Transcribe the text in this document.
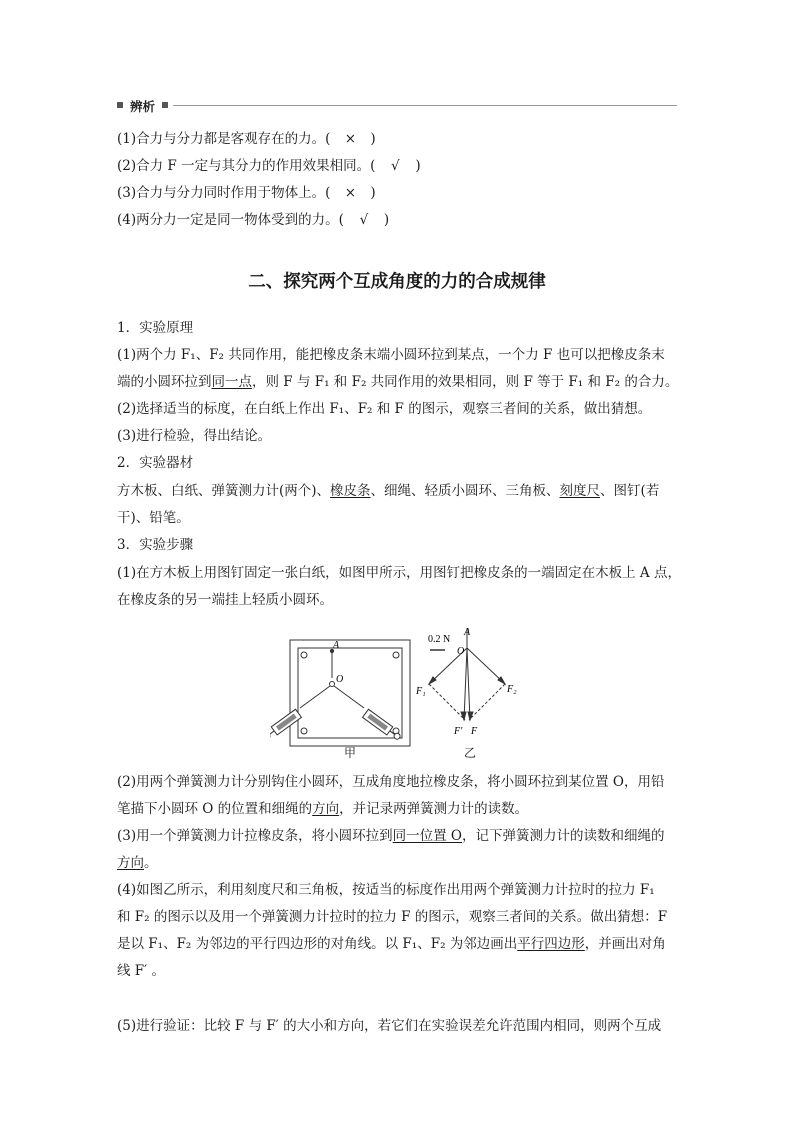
辨析
(1)合力与分力都是客观存在的力。( × )
(2)合力 F 一定与其分力的作用效果相同。( √ )
(3)合力与分力同时作用于物体上。( × )
(4)两分力一定是同一物体受到的力。( √ )
二、探究两个互成角度的力的合成规律
1．实验原理
(1)两个力 F₁、F₂ 共同作用，能把橡皮条末端小圆环拉到某点，一个力 F 也可以把橡皮条末
端的小圆环拉到同一点，则 F 与 F₁ 和 F₂ 共同作用的效果相同，则 F 等于 F₁ 和 F₂ 的合力。
(2)选择适当的标度，在白纸上作出 F₁、F₂ 和 F 的图示，观察三者间的关系，做出猜想。
(3)进行检验，得出结论。
2．实验器材
方木板、白纸、弹簧测力计(两个)、橡皮条、细绳、轻质小圆环、三角板、刻度尺、图钉(若
干)、铅笔。
3．实验步骤
(1)在方木板上用图钉固定一张白纸，如图甲所示，用图钉把橡皮条的一端固定在木板上 A 点，
在橡皮条的另一端挂上轻质小圆环。
A
O
0.2 N
A
O
F₁	F₂
F′ F
甲	乙
(2)用两个弹簧测力计分别钩住小圆环，互成角度地拉橡皮条，将小圆环拉到某位置 O，用铅
笔描下小圆环 O 的位置和细绳的方向，并记录两弹簧测力计的读数。
(3)用一个弹簧测力计拉橡皮条，将小圆环拉到同一位置 O，记下弹簧测力计的读数和细绳的
方向。
(4)如图乙所示，利用刻度尺和三角板，按适当的标度作出用两个弹簧测力计拉时的拉力 F₁
和 F₂ 的图示以及用一个弹簧测力计拉时的拉力 F 的图示，观察三者间的关系。做出猜想：F
是以 F₁、F₂ 为邻边的平行四边形的对角线。以 F₁、F₂ 为邻边画出平行四边形，并画出对角
线 F′ 。
(5)进行验证：比较 F 与 F′ 的大小和方向，若它们在实验误差允许范围内相同，则两个互成
